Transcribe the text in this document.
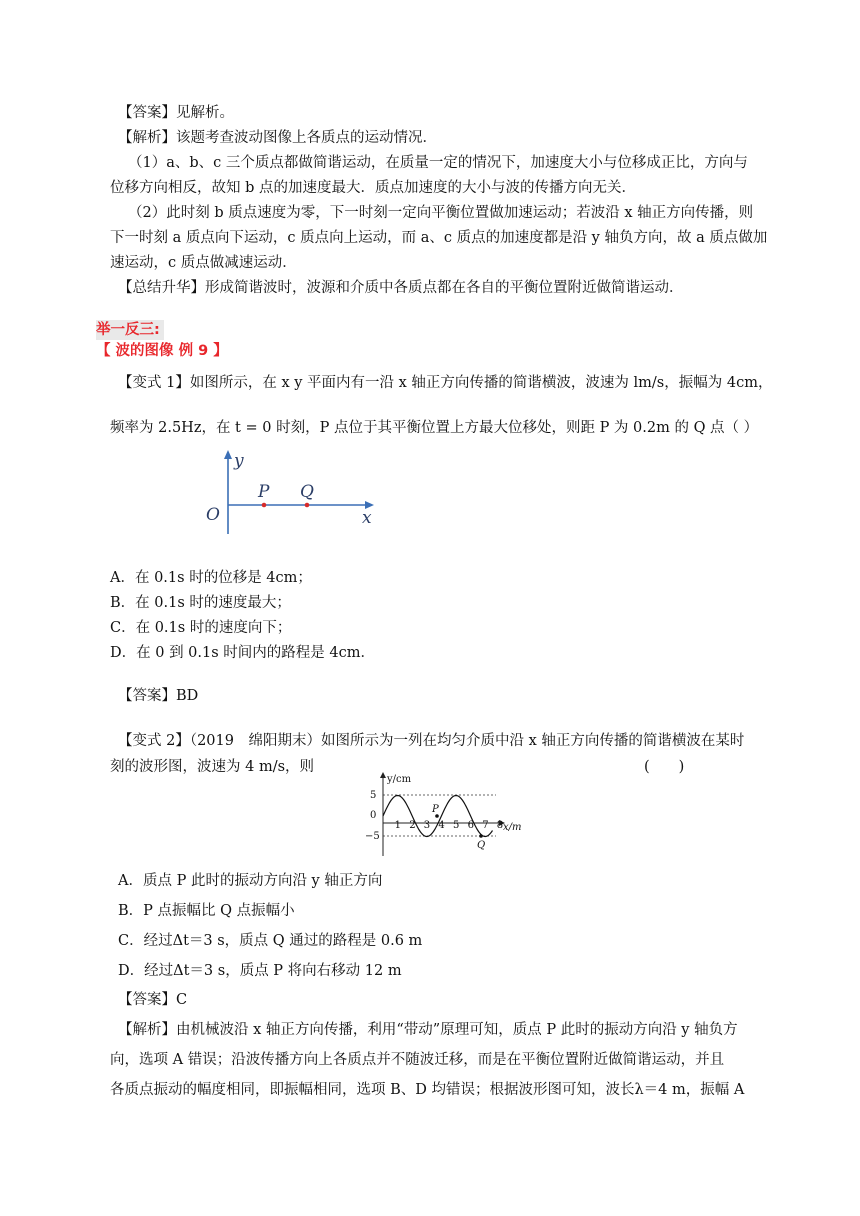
【答案】见解析。
【解析】该题考查波动图像上各质点的运动情况．
（1）a、b、c 三个质点都做简谐运动，在质量一定的情况下，加速度大小与位移成正比，方向与
位移方向相反，故知 b 点的加速度最大．质点加速度的大小与波的传播方向无关．
（2）此时刻 b 质点速度为零，下一时刻一定向平衡位置做加速运动；若波沿 x 轴正方向传播，则
下一时刻 a 质点向下运动，c 质点向上运动，而 a、c 质点的加速度都是沿 y 轴负方向，故 a 质点做加
速运动，c 质点做减速运动．
【总结升华】形成简谐波时，波源和介质中各质点都在各自的平衡位置附近做简谐运动．
【变式 1】如图所示，在 x y 平面内有一沿 x 轴正方向传播的简谐横波，波速为 lm/s，振幅为 4cm，
频率为 2.5Hz，在 t = 0 时刻，P 点位于其平衡位置上方最大位移处，则距 P 为 0.2m 的 Q 点（ ）
A．在 0.1s 时的位移是 4cm；
B．在 0.1s 时的速度最大；
C．在 0.1s 时的速度向下；
D．在 0 到 0.1s 时间内的路程是 4cm．
【答案】BD
【变式 2】（2019　绵阳期末）如图所示为一列在均匀介质中沿 x 轴正方向传播的简谐横波在某时
刻的波形图，波速为 4 m/s，则	(　　)
A．质点 P 此时的振动方向沿 y 轴正方向
B．P 点振幅比 Q 点振幅小
C．经过Δt＝3 s，质点 Q 通过的路程是 0.6 m
D．经过Δt＝3 s，质点 P 将向右移动 12 m
【答案】C
【解析】由机械波沿 x 轴正方向传播，利用“带动”原理可知，质点 P 此时的振动方向沿 y 轴负方
向，选项 A 错误；沿波传播方向上各质点并不随波迁移，而是在平衡位置附近做简谐运动，并且
各质点振动的幅度相同，即振幅相同，选项 B、D 均错误；根据波形图可知，波长λ＝4 m，振幅 A
举一反三:
【 波的图像 例 9 】
y
x
O
P Q
y/cm
x/m
5
0
−5
1 2 3 4 5 6 7 8
P
Q
